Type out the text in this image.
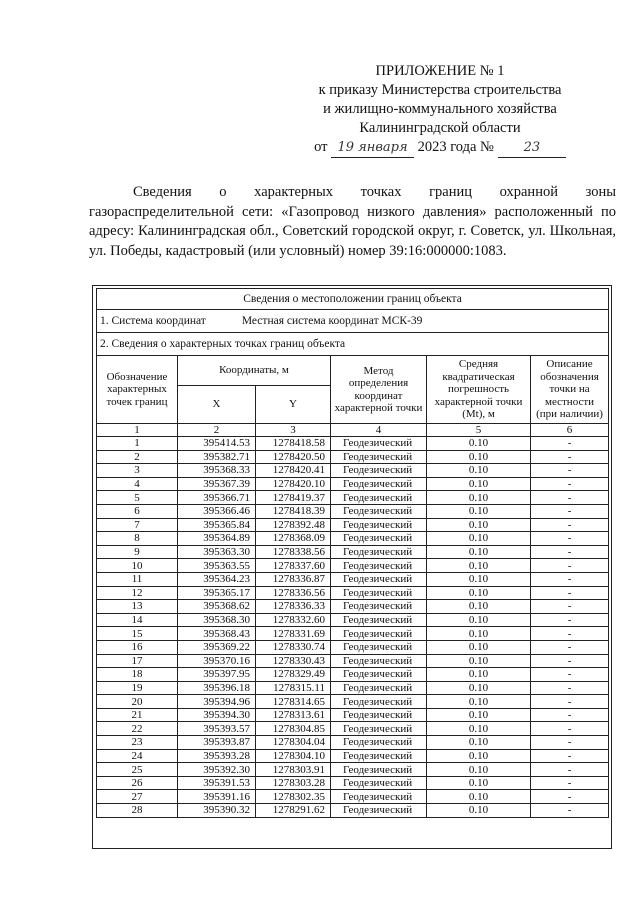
ПРИЛОЖЕНИЕ № 1
к приказу Министерства строительства
и жилищно-коммунального хозяйства
Калининградской области
от 19 января 2023 года №	23
Сведения о характерных точках границ охранной зоны газораспределительной сети: «Газопровод низкого давления» расположенный по адресу: Калининградская обл., Советский городской округ, г. Советск, ул. Школьная, ул. Победы, кадастровый (или условный) номер 39:16:000000:1083.
Сведения о местоположении границ объекта					
1. Система координат Местная система координат МСК-39					
2. Сведения о характерных точках границ объекта					
Обозначение характерных точек границ	Координаты, м		Метод определения координат характерной точки	Средняя квадратическая погрешность характерной точки (Mt), м	Описание обозначения точки на местности (при наличии)
	X	Y			
1	2	3	4	5	6
1	395414.53	1278418.58	Геодезический	0.10	-
2	395382.71	1278420.50	Геодезический	0.10	-
3	395368.33	1278420.41	Геодезический	0.10	-
4	395367.39	1278420.10	Геодезический	0.10	-
5	395366.71	1278419.37	Геодезический	0.10	-
6	395366.46	1278418.39	Геодезический	0.10	-
7	395365.84	1278392.48	Геодезический	0.10	-
8	395364.89	1278368.09	Геодезический	0.10	-
9	395363.30	1278338.56	Геодезический	0.10	-
10	395363.55	1278337.60	Геодезический	0.10	-
11	395364.23	1278336.87	Геодезический	0.10	-
12	395365.17	1278336.56	Геодезический	0.10	-
13	395368.62	1278336.33	Геодезический	0.10	-
14	395368.30	1278332.60	Геодезический	0.10	-
15	395368.43	1278331.69	Геодезический	0.10	-
16	395369.22	1278330.74	Геодезический	0.10	-
17	395370.16	1278330.43	Геодезический	0.10	-
18	395397.95	1278329.49	Геодезический	0.10	-
19	395396.18	1278315.11	Геодезический	0.10	-
20	395394.96	1278314.65	Геодезический	0.10	-
21	395394.30	1278313.61	Геодезический	0.10	-
22	395393.57	1278304.85	Геодезический	0.10	-
23	395393.87	1278304.04	Геодезический	0.10	-
24	395393.28	1278304.10	Геодезический	0.10	-
25	395392.30	1278303.91	Геодезический	0.10	-
26	395391.53	1278303.28	Геодезический	0.10	-
27	395391.16	1278302.35	Геодезический	0.10	-
28	395390.32	1278291.62	Геодезический	0.10	-
